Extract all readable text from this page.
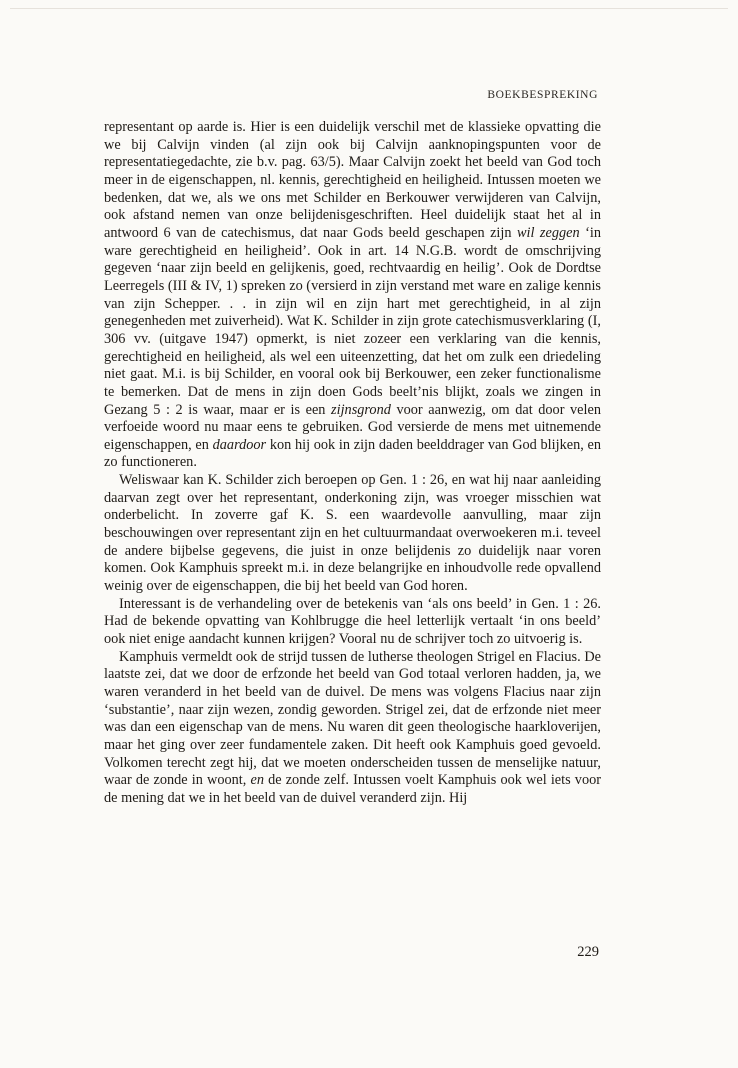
BOEKBESPREKING

representant op aarde is. Hier is een duidelijk verschil met de klassieke opvatting die we bij Calvijn vinden (al zijn ook bij Calvijn aanknopingspunten voor de representatiegedachte, zie b.v. pag. 63/5). Maar Calvijn zoekt het beeld van God toch meer in de eigenschappen, nl. kennis, gerechtigheid en heiligheid. Intussen moeten we bedenken, dat we, als we ons met Schilder en Berkouwer verwijderen van Calvijn, ook afstand nemen van onze belijdenisgeschriften. Heel duidelijk staat het al in antwoord 6 van de catechismus, dat naar Gods beeld geschapen zijn wil zeggen ‘in ware gerechtigheid en heiligheid’. Ook in art. 14 N.G.B. wordt de omschrijving gegeven ‘naar zijn beeld en gelijkenis, goed, rechtvaardig en heilig’. Ook de Dordtse Leerregels (III & IV, 1) spreken zo (versierd in zijn verstand met ware en zalige kennis van zijn Schepper. . . in zijn wil en zijn hart met gerechtigheid, in al zijn genegenheden met zuiverheid). Wat K. Schilder in zijn grote catechismusverklaring (I, 306 vv. (uitgave 1947) opmerkt, is niet zozeer een verklaring van die kennis, gerechtigheid en heiligheid, als wel een uiteenzetting, dat het om zulk een driedeling niet gaat. M.i. is bij Schilder, en vooral ook bij Berkouwer, een zeker functionalisme te bemerken. Dat de mens in zijn doen Gods beelt’nis blijkt, zoals we zingen in Gezang 5 : 2 is waar, maar er is een zijnsgrond voor aanwezig, om dat door velen verfoeide woord nu maar eens te gebruiken. God versierde de mens met uitnemende eigenschappen, en daardoor kon hij ook in zijn daden beelddrager van God blijken, en zo functioneren.

Weliswaar kan K. Schilder zich beroepen op Gen. 1 : 26, en wat hij naar aanleiding daarvan zegt over het representant, onderkoning zijn, was vroeger misschien wat onderbelicht. In zoverre gaf K. S. een waardevolle aanvulling, maar zijn beschouwingen over representant zijn en het cultuurmandaat overwoekeren m.i. teveel de andere bijbelse gegevens, die juist in onze belijdenis zo duidelijk naar voren komen. Ook Kamphuis spreekt m.i. in deze belangrijke en inhoudvolle rede opvallend weinig over de eigenschappen, die bij het beeld van God horen.

Interessant is de verhandeling over de betekenis van ‘als ons beeld’ in Gen. 1 : 26. Had de bekende opvatting van Kohlbrugge die heel letterlijk vertaalt ‘in ons beeld’ ook niet enige aandacht kunnen krijgen? Vooral nu de schrijver toch zo uitvoerig is.

Kamphuis vermeldt ook de strijd tussen de lutherse theologen Strigel en Flacius. De laatste zei, dat we door de erfzonde het beeld van God totaal verloren hadden, ja, we waren veranderd in het beeld van de duivel. De mens was volgens Flacius naar zijn ‘substantie’, naar zijn wezen, zondig geworden. Strigel zei, dat de erfzonde niet meer was dan een eigenschap van de mens. Nu waren dit geen theologische haarkloverijen, maar het ging over zeer fundamentele zaken. Dit heeft ook Kamphuis goed gevoeld. Volkomen terecht zegt hij, dat we moeten onderscheiden tussen de menselijke natuur, waar de zonde in woont, en de zonde zelf. Intussen voelt Kamphuis ook wel iets voor de mening dat we in het beeld van de duivel veranderd zijn. Hij

229
